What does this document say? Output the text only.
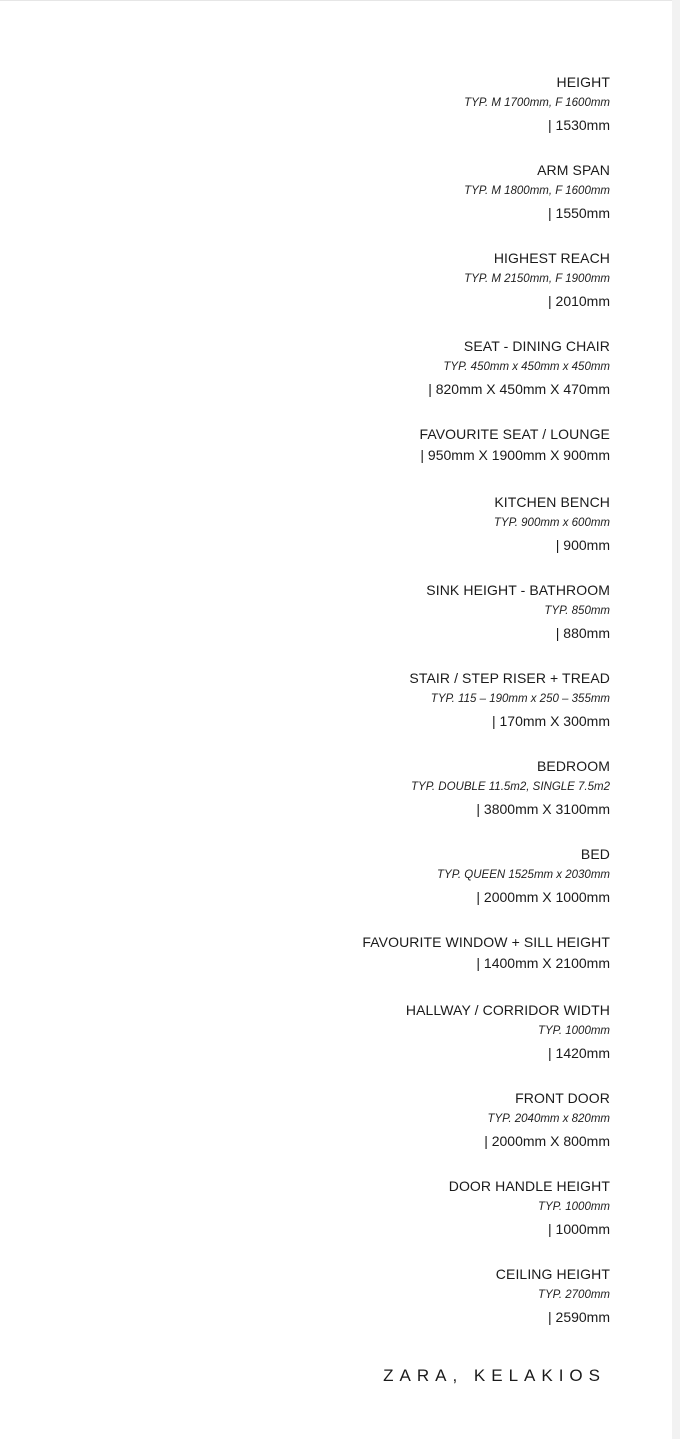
HEIGHT
TYP. M 1700mm, F 1600mm
| 1530mm
ARM SPAN
TYP. M 1800mm, F 1600mm
| 1550mm
HIGHEST REACH
TYP. M 2150mm, F 1900mm
| 2010mm
SEAT - DINING CHAIR
TYP. 450mm x 450mm x 450mm
| 820mm X 450mm X 470mm
FAVOURITE SEAT / LOUNGE
| 950mm X 1900mm X 900mm
KITCHEN BENCH
TYP. 900mm x 600mm
| 900mm
SINK HEIGHT - BATHROOM
TYP. 850mm
| 880mm
STAIR / STEP RISER + TREAD
TYP. 115 – 190mm x 250 – 355mm
| 170mm X 300mm
BEDROOM
TYP. DOUBLE 11.5m2, SINGLE 7.5m2
| 3800mm X 3100mm
BED
TYP. QUEEN 1525mm x 2030mm
| 2000mm X 1000mm
FAVOURITE WINDOW + SILL HEIGHT
| 1400mm X 2100mm
HALLWAY / CORRIDOR WIDTH
TYP. 1000mm
| 1420mm
FRONT DOOR
TYP. 2040mm x 820mm
| 2000mm X 800mm
DOOR HANDLE HEIGHT
TYP. 1000mm
| 1000mm
CEILING HEIGHT
TYP. 2700mm
| 2590mm
ZARA, KELAKIOS
